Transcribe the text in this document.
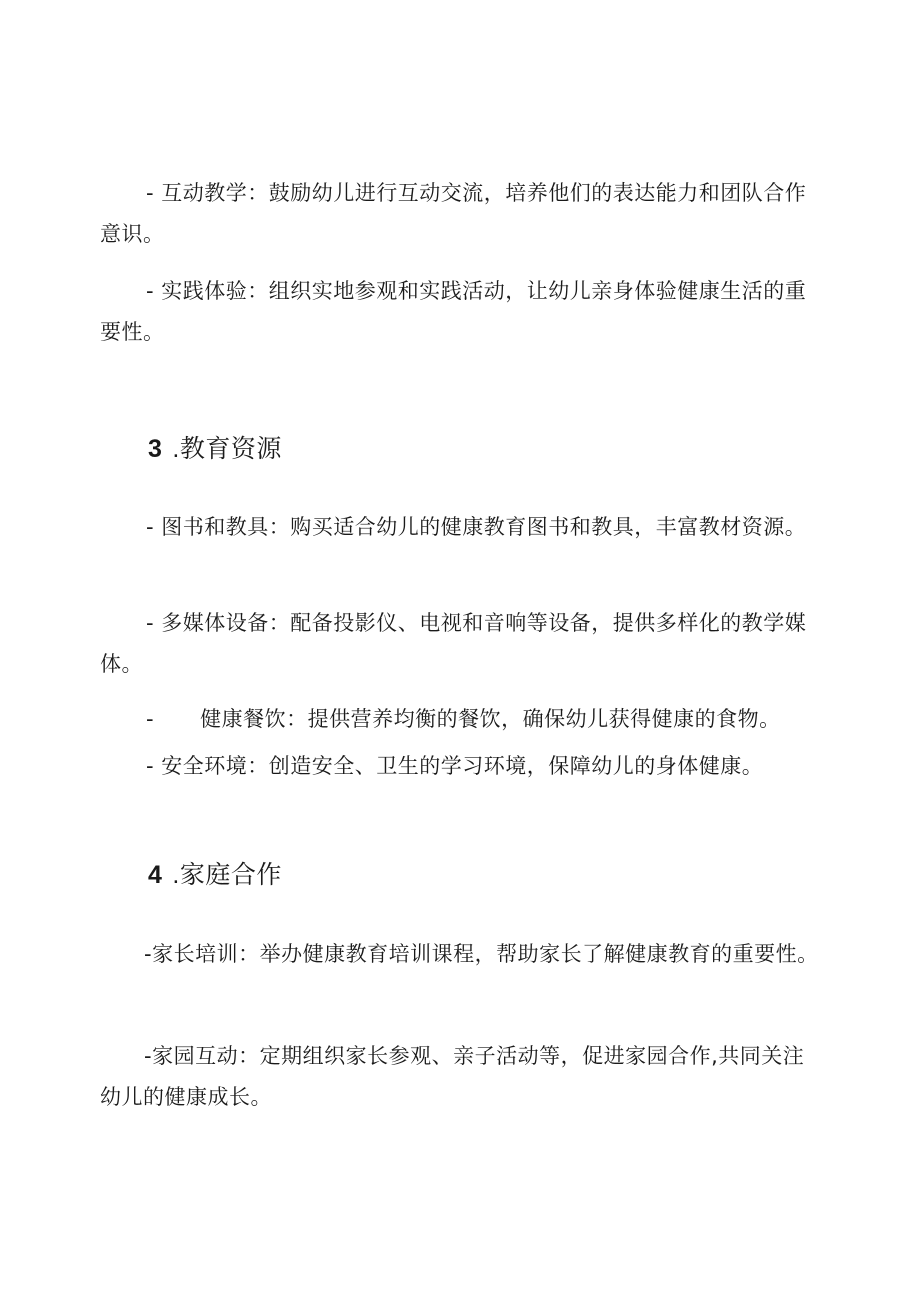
- 互动教学：鼓励幼儿进行互动交流，培养他们的表达能力和团队合作意识。

- 实践体验：组织实地参观和实践活动，让幼儿亲身体验健康生活的重要性。

3 .教育资源

- 图书和教具：购买适合幼儿的健康教育图书和教具，丰富教材资源。

- 多媒体设备：配备投影仪、电视和音响等设备，提供多样化的教学媒体。

- 健康餐饮：提供营养均衡的餐饮，确保幼儿获得健康的食物。

- 安全环境：创造安全、卫生的学习环境，保障幼儿的身体健康。

4 .家庭合作

-家长培训：举办健康教育培训课程，帮助家长了解健康教育的重要性。

-家园互动：定期组织家长参观、亲子活动等，促进家园合作,共同关注幼儿的健康成长。
